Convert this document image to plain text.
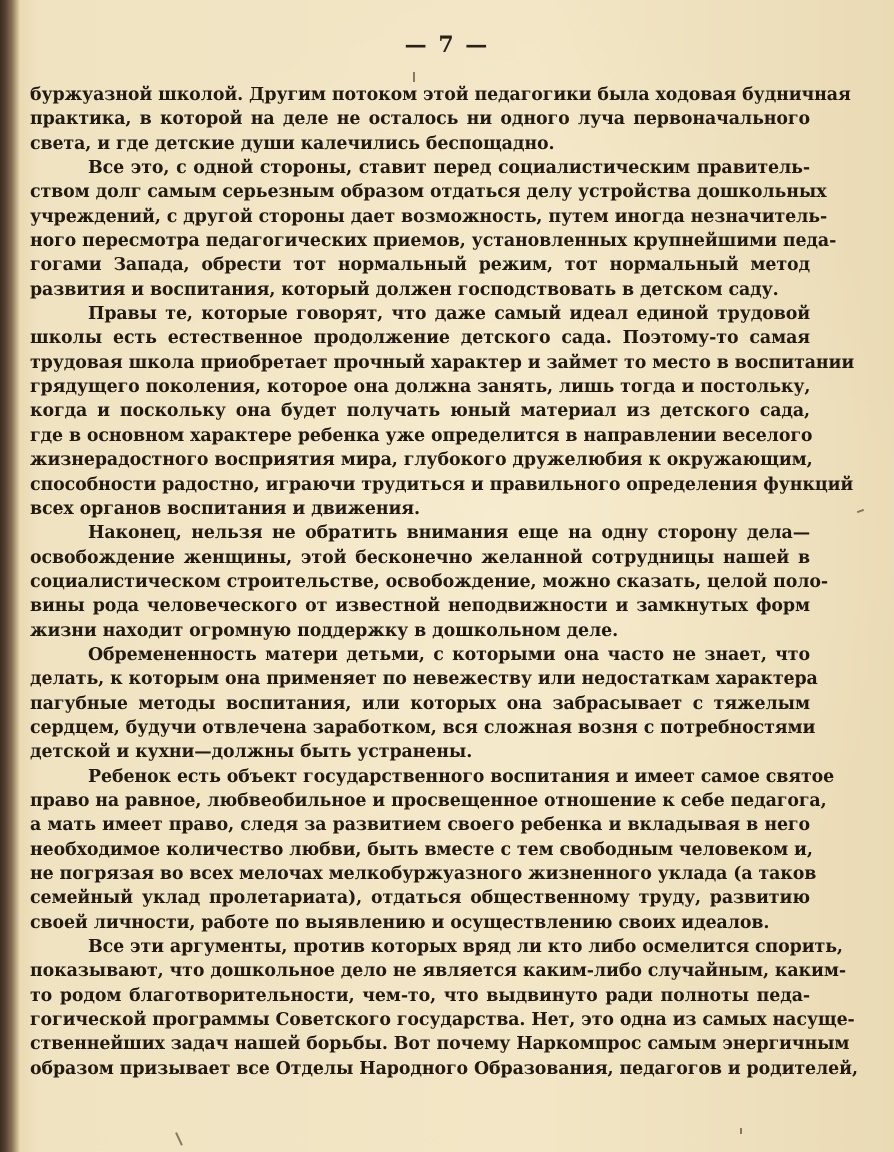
— 7 —
буржуазной школой. Другим потоком этой педагогики была ходовая будничная
практика, в которой на деле не осталось ни одного луча первоначального
света, и где детские души калечились беспощадно.
Все это, с одной стороны, ставит перед социалистическим правитель-
ством долг самым серьезным образом отдаться делу устройства дошкольных
учреждений, с другой стороны дает возможность, путем иногда незначитель-
ного пересмотра педагогических приемов, установленных крупнейшими педа-
гогами Запада, обрести тот нормальный режим, тот нормальный метод
развития и воспитания, который должен господствовать в детском саду.
Правы те, которые говорят, что даже самый идеал единой трудовой
школы есть естественное продолжение детского сада. Поэтому-то самая
трудовая школа приобретает прочный характер и займет то место в воспитании
грядущего поколения, которое она должна занять, лишь тогда и постольку,
когда и поскольку она будет получать юный материал из детского сада,
где в основном характере ребенка уже определится в направлении веселого
жизнерадостного восприятия мира, глубокого дружелюбия к окружающим,
способности радостно, играючи трудиться и правильного определения функций
всех органов воспитания и движения.
Наконец, нельзя не обратить внимания еще на одну сторону дела—
освобождение женщины, этой бесконечно желанной сотрудницы нашей в
социалистическом строительстве, освобождение, можно сказать, целой поло-
вины рода человеческого от известной неподвижности и замкнутых форм
жизни находит огромную поддержку в дошкольном деле.
Обремененность матери детьми, с которыми она часто не знает, что
делать, к которым она применяет по невежеству или недостаткам характера
пагубные методы воспитания, или которых она забрасывает с тяжелым
сердцем, будучи отвлечена заработком, вся сложная возня с потребностями
детской и кухни—должны быть устранены.
Ребенок есть объект государственного воспитания и имеет самое святое
право на равное, любвеобильное и просвещенное отношение к себе педагога,
а мать имеет право, следя за развитием своего ребенка и вкладывая в него
необходимое количество любви, быть вместе с тем свободным человеком и,
не погрязая во всех мелочах мелкобуржуазного жизненного уклада (а таков
семейный уклад пролетариата), отдаться общественному труду, развитию
своей личности, работе по выявлению и осуществлению своих идеалов.
Все эти аргументы, против которых вряд ли кто либо осмелится спорить,
показывают, что дошкольное дело не является каким-либо случайным, каким-
то родом благотворительности, чем-то, что выдвинуто ради полноты педа-
гогической программы Советского государства. Нет, это одна из самых насуще-
ственнейших задач нашей борьбы. Вот почему Наркомпрос самым энергичным
образом призывает все Отделы Народного Образования, педагогов и родителей,
